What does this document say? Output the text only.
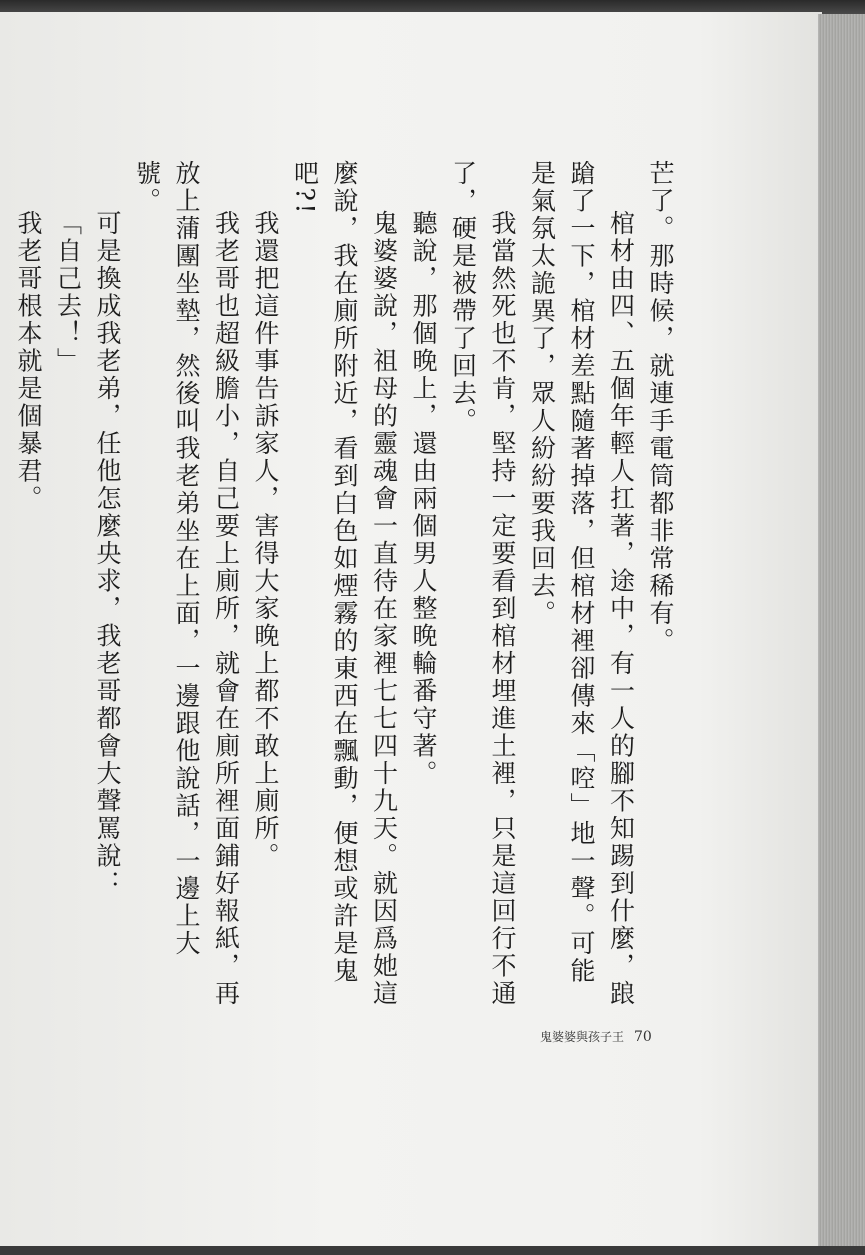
芒了。那時候，就連手電筒都非常稀有。

棺材由四、五個年輕人扛著，途中，有一人的腳不知踢到什麼，踉蹌了一下，棺材差點隨著掉落，但棺材裡卻傳來「啌」地一聲。可能是氣氛太詭異了，眾人紛紛要我回去。

我當然死也不肯，堅持一定要看到棺材埋進土裡，只是這回行不通了，硬是被帶了回去。

聽說，那個晚上，還由兩個男人整晚輪番守著。

鬼婆婆說，祖母的靈魂會一直待在家裡七七四十九天。就因爲她這麼說，我在廁所附近，看到白色如煙霧的東西在飄動，便想或許是鬼吧?!

我還把這件事告訴家人，害得大家晚上都不敢上廁所。

我老哥也超級膽小，自己要上廁所，就會在廁所裡面鋪好報紙，再放上蒲團坐墊，然後叫我老弟坐在上面，一邊跟他說話，一邊上大號。

可是換成我老弟，任他怎麼央求，我老哥都會大聲罵說：

「自己去！」

我老哥根本就是個暴君。

鬼婆婆與孩子王 70
